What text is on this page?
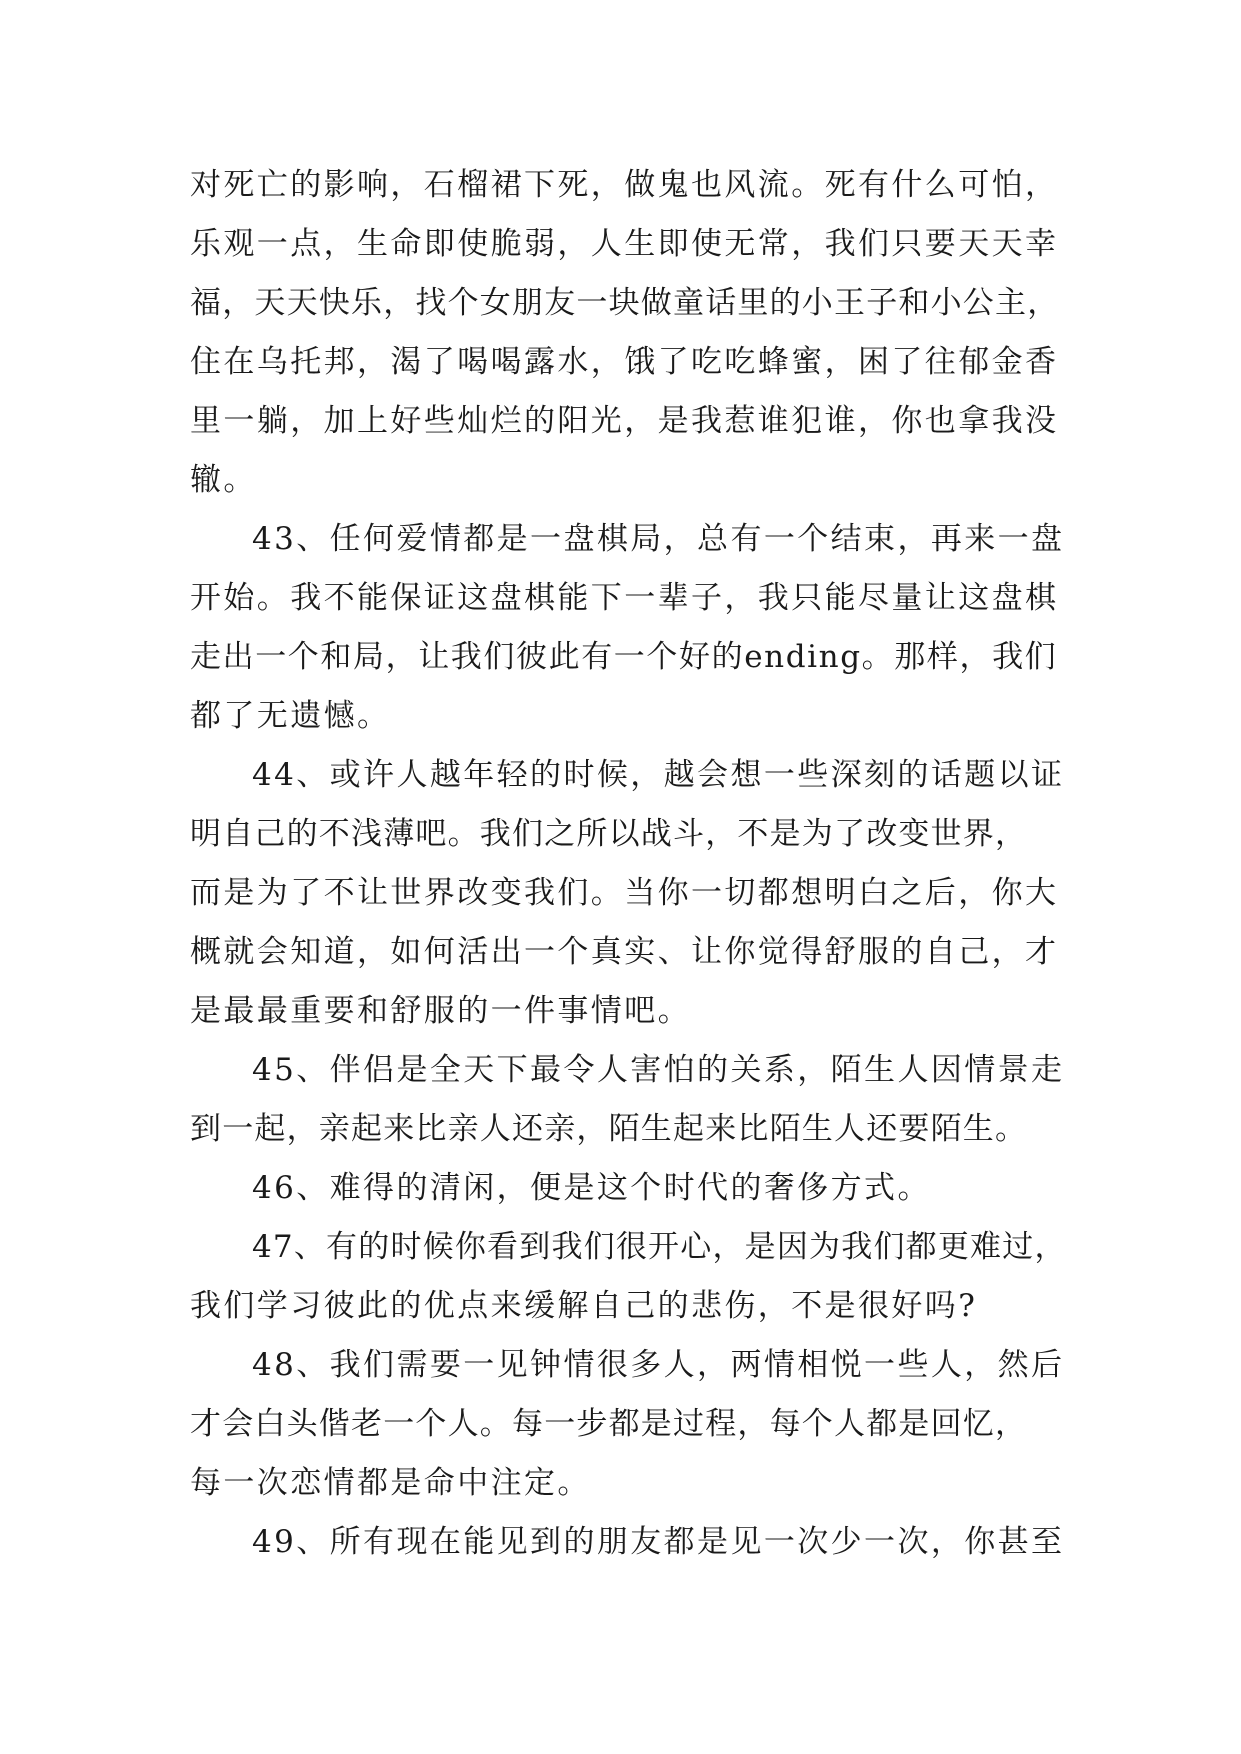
对死亡的影响，石榴裙下死，做鬼也风流。死有什么可怕，
乐观一点，生命即使脆弱，人生即使无常，我们只要天天幸
福，天天快乐，找个女朋友一块做童话里的小王子和小公主，
住在乌托邦，渴了喝喝露水，饿了吃吃蜂蜜，困了往郁金香
里一躺，加上好些灿烂的阳光，是我惹谁犯谁，你也拿我没
辙。
43、任何爱情都是一盘棋局，总有一个结束，再来一盘
开始。我不能保证这盘棋能下一辈子，我只能尽量让这盘棋
走出一个和局，让我们彼此有一个好的ending。那样，我们
都了无遗憾。
44、或许人越年轻的时候，越会想一些深刻的话题以证
明自己的不浅薄吧。我们之所以战斗，不是为了改变世界，
而是为了不让世界改变我们。当你一切都想明白之后，你大
概就会知道，如何活出一个真实、让你觉得舒服的自己，才
是最最重要和舒服的一件事情吧。
45、伴侣是全天下最令人害怕的关系，陌生人因情景走
到一起，亲起来比亲人还亲，陌生起来比陌生人还要陌生。
46、难得的清闲，便是这个时代的奢侈方式。
47、有的时候你看到我们很开心，是因为我们都更难过，
我们学习彼此的优点来缓解自己的悲伤，不是很好吗?
48、我们需要一见钟情很多人，两情相悦一些人，然后
才会白头偕老一个人。每一步都是过程，每个人都是回忆，
每一次恋情都是命中注定。
49、所有现在能见到的朋友都是见一次少一次，你甚至
